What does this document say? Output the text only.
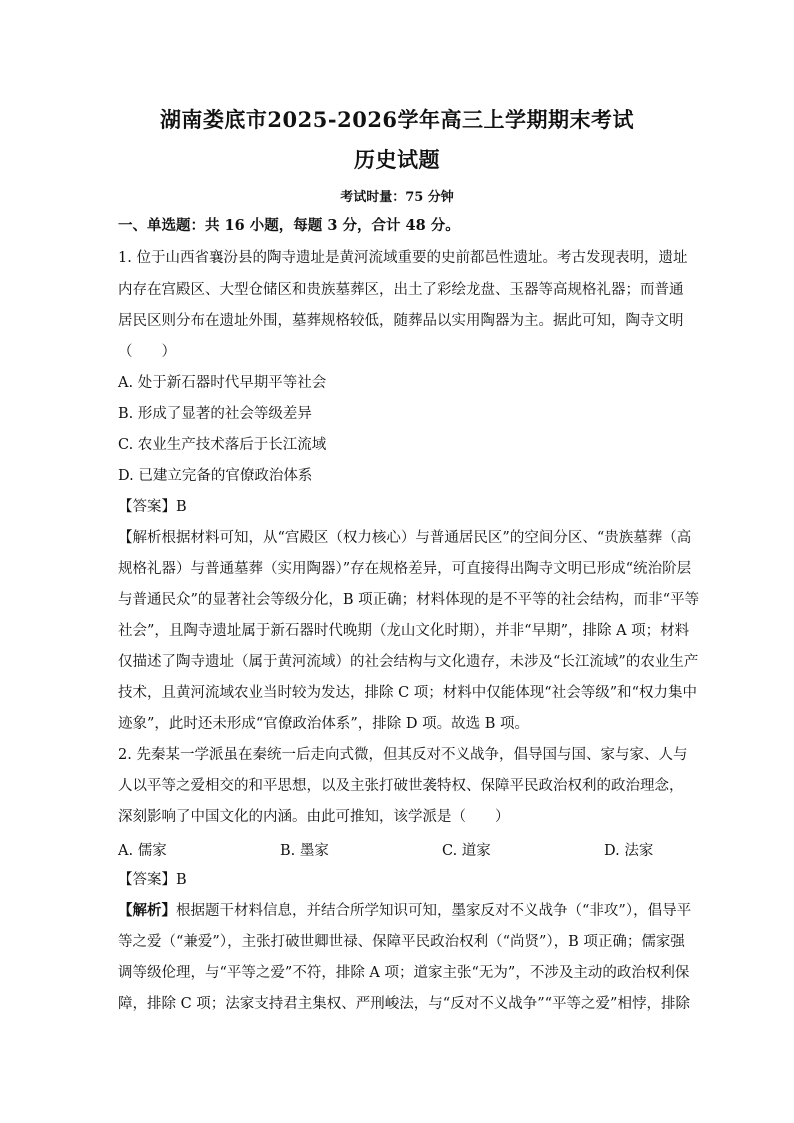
湖南娄底市2025-2026学年高三上学期期末考试
历史试题
考试时量：75 分钟
一、单选题：共 16 小题，每题 3 分，合计 48 分。
1. 位于山西省襄汾县的陶寺遗址是黄河流域重要的史前都邑性遗址。考古发现表明，遗址
内存在宫殿区、大型仓储区和贵族墓葬区，出土了彩绘龙盘、玉器等高规格礼器；而普通
居民区则分布在遗址外围，墓葬规格较低，随葬品以实用陶器为主。据此可知，陶寺文明
（　　）
A. 处于新石器时代早期平等社会
B. 形成了显著的社会等级差异
C. 农业生产技术落后于长江流域
D. 已建立完备的官僚政治体系
【答案】B
【解析根据材料可知，从“宫殿区（权力核心）与普通居民区”的空间分区、“贵族墓葬（高
规格礼器）与普通墓葬（实用陶器）”存在规格差异，可直接得出陶寺文明已形成“统治阶层
与普通民众”的显著社会等级分化，B 项正确；材料体现的是不平等的社会结构，而非“平等
社会”，且陶寺遗址属于新石器时代晚期（龙山文化时期），并非“早期”，排除 A 项；材料
仅描述了陶寺遗址（属于黄河流域）的社会结构与文化遗存，未涉及“长江流域”的农业生产
技术，且黄河流域农业当时较为发达，排除 C 项；材料中仅能体现“社会等级”和“权力集中
迹象”，此时还未形成“官僚政治体系”，排除 D 项。故选 B 项。
2. 先秦某一学派虽在秦统一后走向式微，但其反对不义战争，倡导国与国、家与家、人与
人以平等之爱相交的和平思想，以及主张打破世袭特权、保障平民政治权利的政治理念，
深刻影响了中国文化的内涵。由此可推知，该学派是（　　）
A. 儒家	B. 墨家	C. 道家	D. 法家
【答案】B
【解析】根据题干材料信息，并结合所学知识可知，墨家反对不义战争（“非攻”），倡导平
等之爱（“兼爱”），主张打破世卿世禄、保障平民政治权利（“尚贤”），B 项正确；儒家强
调等级伦理，与“平等之爱”不符，排除 A 项；道家主张“无为”，不涉及主动的政治权利保
障，排除 C 项；法家支持君主集权、严刑峻法，与“反对不义战争”“平等之爱”相悖，排除
